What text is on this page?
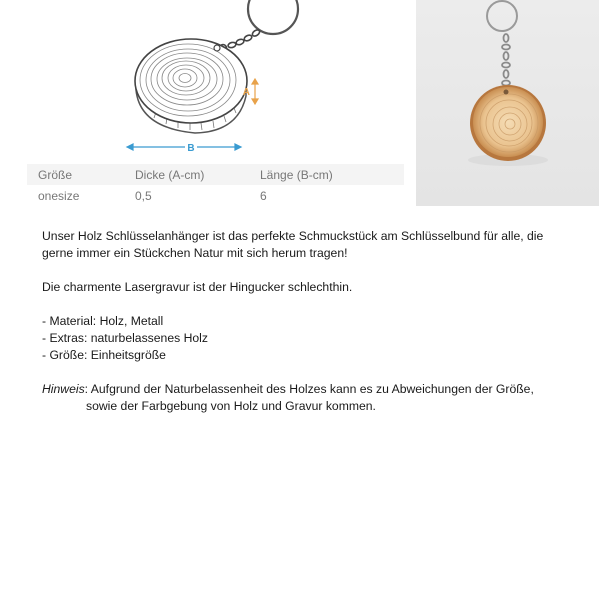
A
B
Größe	Dicke (A-cm)	Länge (B-cm)
onesize	0,5	6

Unser Holz Schlüsselanhänger ist das perfekte Schmuckstück am Schlüsselbund für alle, die

gerne immer ein Stückchen Natur mit sich herum tragen!

Die charmente Lasergravur ist der Hingucker schlechthin.

- Material: Holz, Metall

- Extras: naturbelassenes Holz

- Größe: Einheitsgröße

Hinweis: Aufgrund der Naturbelassenheit des Holzes kann es zu Abweichungen der Größe,

sowie der Farbgebung von Holz und Gravur kommen.
